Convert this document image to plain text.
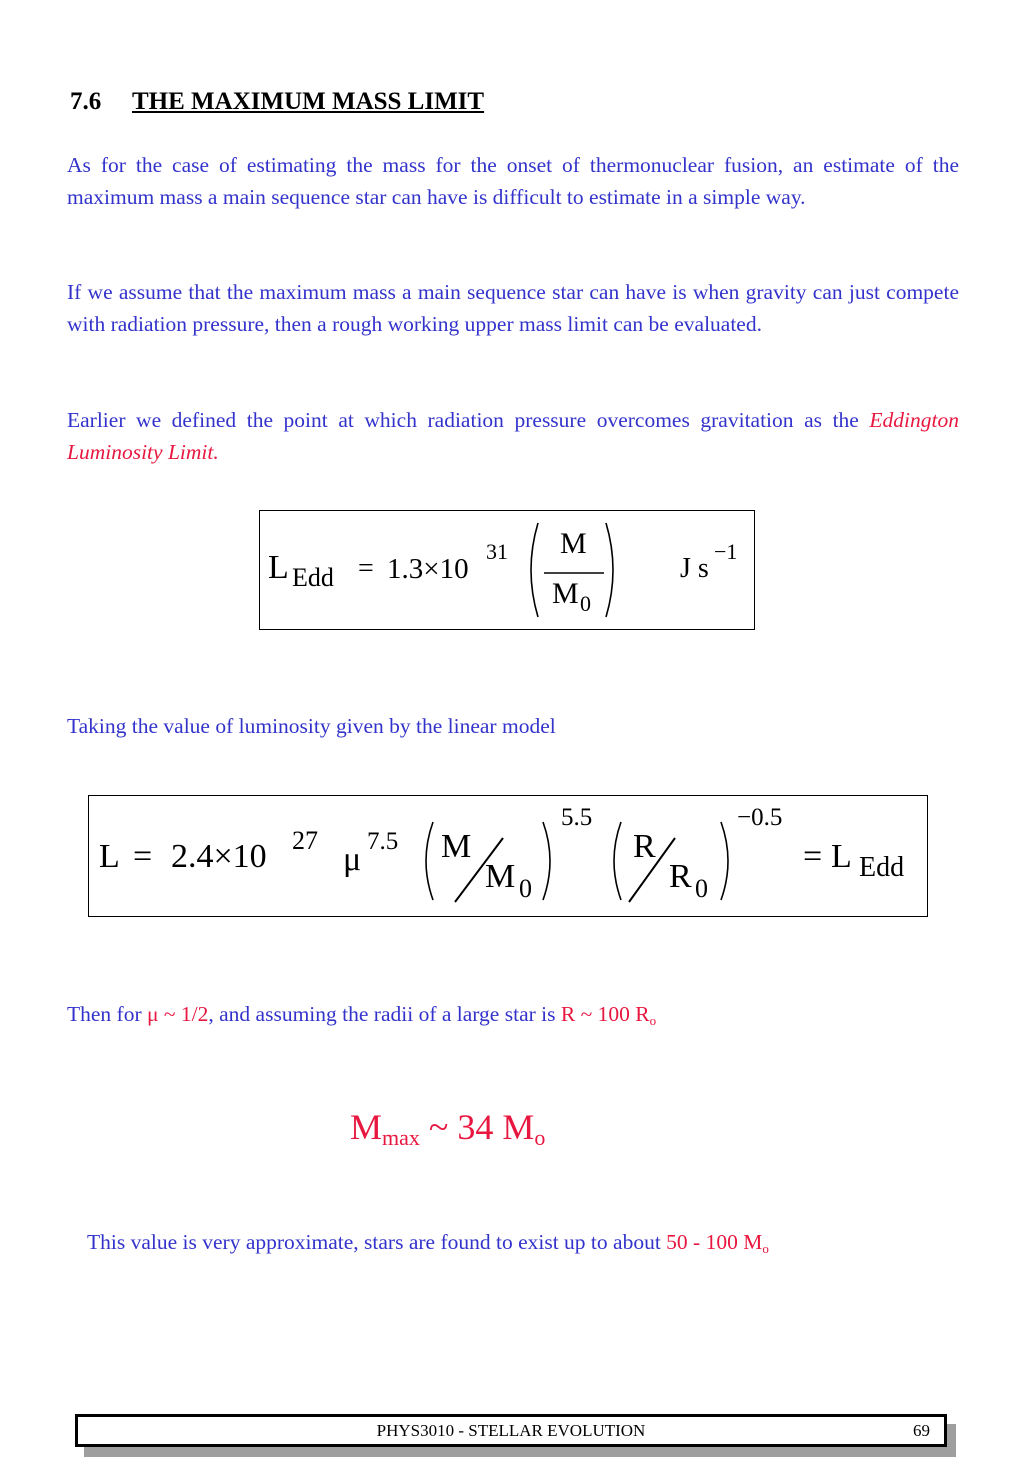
7.6 THE MAXIMUM MASS LIMIT

As for the case of estimating the mass for the onset of thermonuclear fusion, an estimate of the maximum mass a main sequence star can have is difficult to estimate in a simple way.

If we assume that the maximum mass a main sequence star can have is when gravity can just compete with radiation pressure, then a rough working upper mass limit can be evaluated.

Earlier we defined the point at which radiation pressure overcomes gravitation as the Eddington Luminosity Limit.

L Edd = 1.3×10
31 M
M 0
J s
−1
Taking the value of luminosity given by the linear model
L = 2.4×10 27
μ 7.5 M
M 0
5.5
R
R 0
−0.5
= L Edd
Then for μ ~ 1/2, and assuming the radii of a large star is R ~ 100 $R_o$
$M_{max}$ ~ 34 $M_o$
This value is very approximate, stars are found to exist up to about 50 - 100 $M_o$
PHYS3010 - STELLAR EVOLUTION	69
